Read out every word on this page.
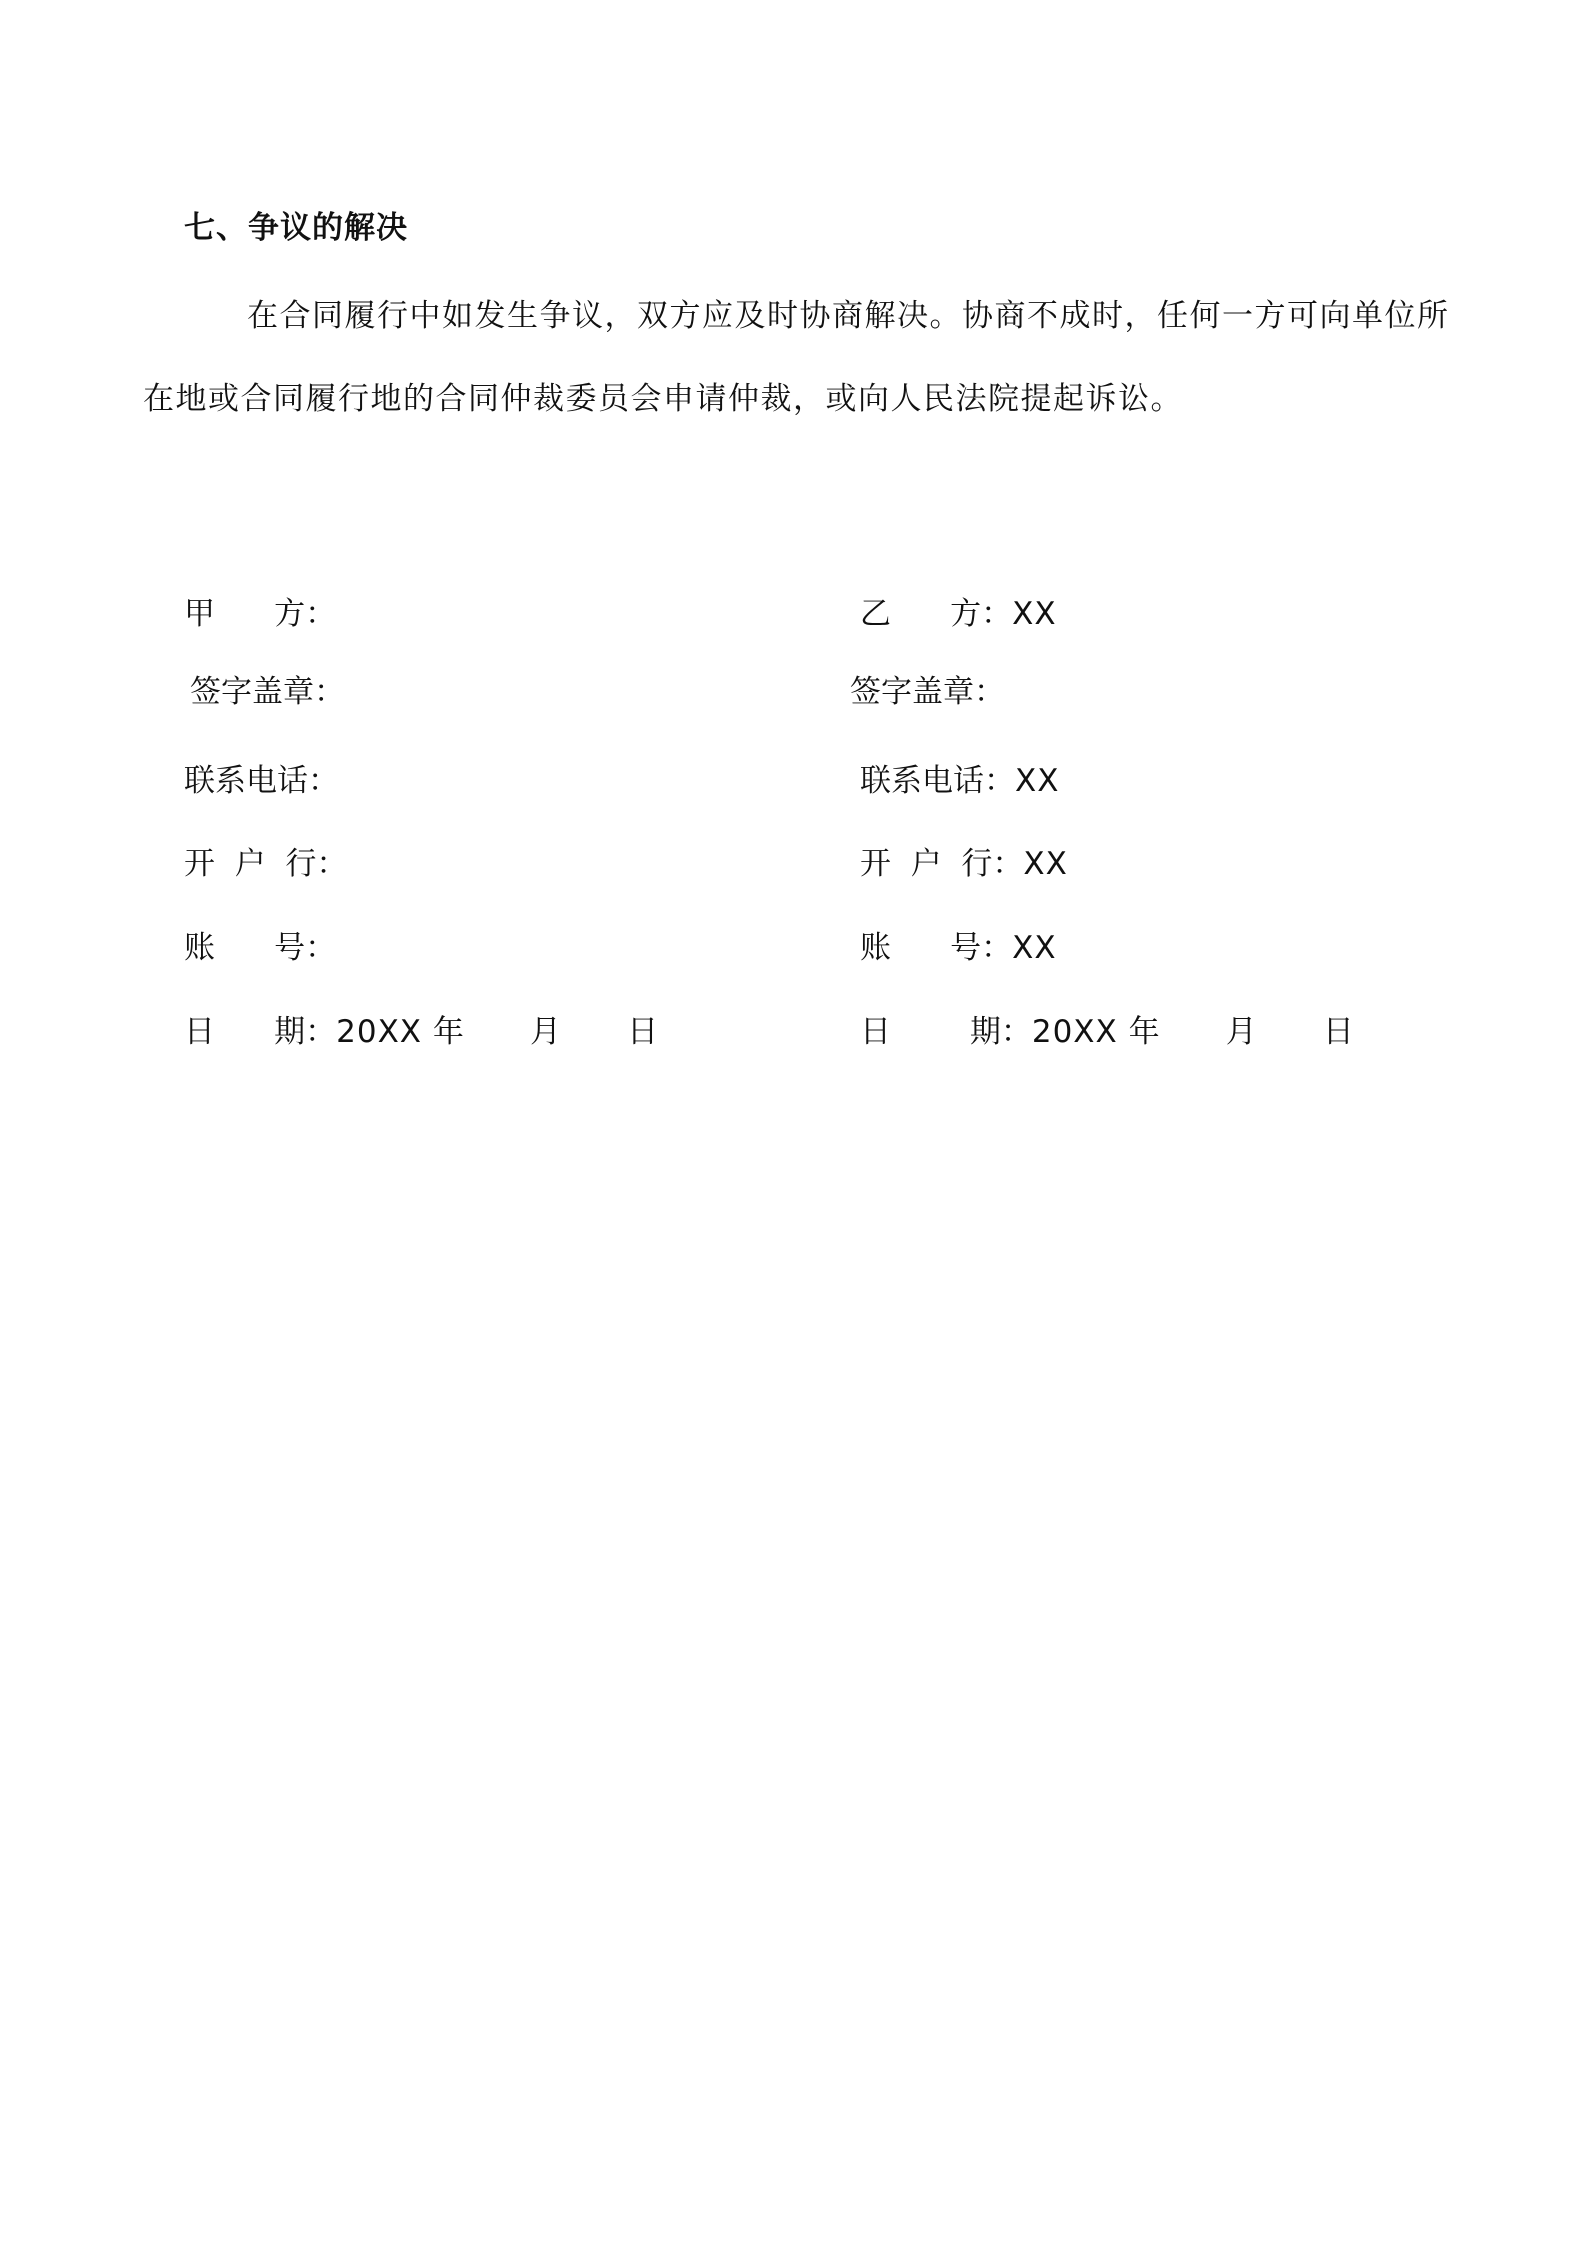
七、争议的解决
在合同履行中如发生争议，双方应及时协商解决。协商不成时，任何一方可向单位所
在地或合同履行地的合同仲裁委员会申请仲裁，或向人民法院提起诉讼。
甲      方：
签字盖章：
联系电话：
开  户  行：
账      号：
日      期： 20XX 年      月      日
乙      方： XX
签字盖章：
联系电话： XX
开  户  行： XX
账      号： XX
日        期： 20XX 年      月      日
